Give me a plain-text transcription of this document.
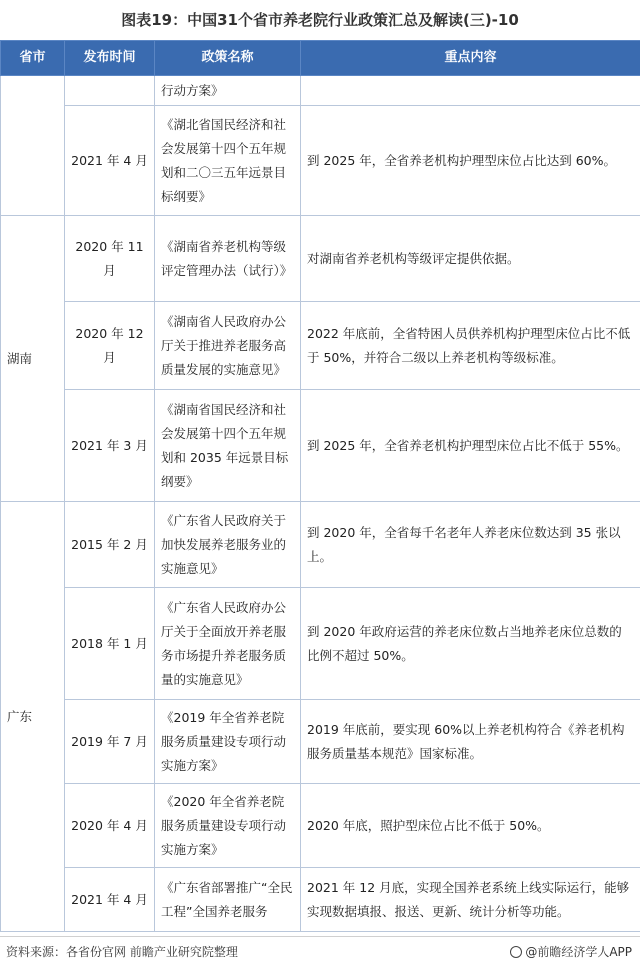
图表19：中国31个省市养老院行业政策汇总及解读(三)-10
省市	发布时间	政策名称	重点内容
		行动方案》	
	2021 年 4 月	《湖北省国民经济和社会发展第十四个五年规划和二〇三五年远景目标纲要》	到 2025 年，全省养老机构护理型床位占比达到 60%。
湖南	2020 年 11 月	《湖南省养老机构等级评定管理办法（试行）》	对湖南省养老机构等级评定提供依据。
	2020 年 12 月	《湖南省人民政府办公厅关于推进养老服务高质量发展的实施意见》	2022 年底前，全省特困人员供养机构护理型床位占比不低于 50%，并符合二级以上养老机构等级标准。
	2021 年 3 月	《湖南省国民经济和社会发展第十四个五年规划和 2035 年远景目标纲要》	到 2025 年，全省养老机构护理型床位占比不低于 55%。
广东	2015 年 2 月	《广东省人民政府关于加快发展养老服务业的实施意见》	到 2020 年，全省每千名老年人养老床位数达到 35 张以上。
	2018 年 1 月	《广东省人民政府办公厅关于全面放开养老服务市场提升养老服务质量的实施意见》	到 2020 年政府运营的养老床位数占当地养老床位总数的比例不超过 50%。
	2019 年 7 月	《2019 年全省养老院服务质量建设专项行动实施方案》	2019 年底前，要实现 60%以上养老机构符合《养老机构服务质量基本规范》国家标准。
	2020 年 4 月	《2020 年全省养老院服务质量建设专项行动实施方案》	2020 年底，照护型床位占比不低于 50%。
	2021 年 4 月	《广东省部署推广“全民工程”全国养老服务	2021 年 12 月底，实现全国养老系统上线实际运行，能够实现数据填报、报送、更新、统计分析等功能。
资料来源：各省份官网 前瞻产业研究院整理	@前瞻经济学人APP
